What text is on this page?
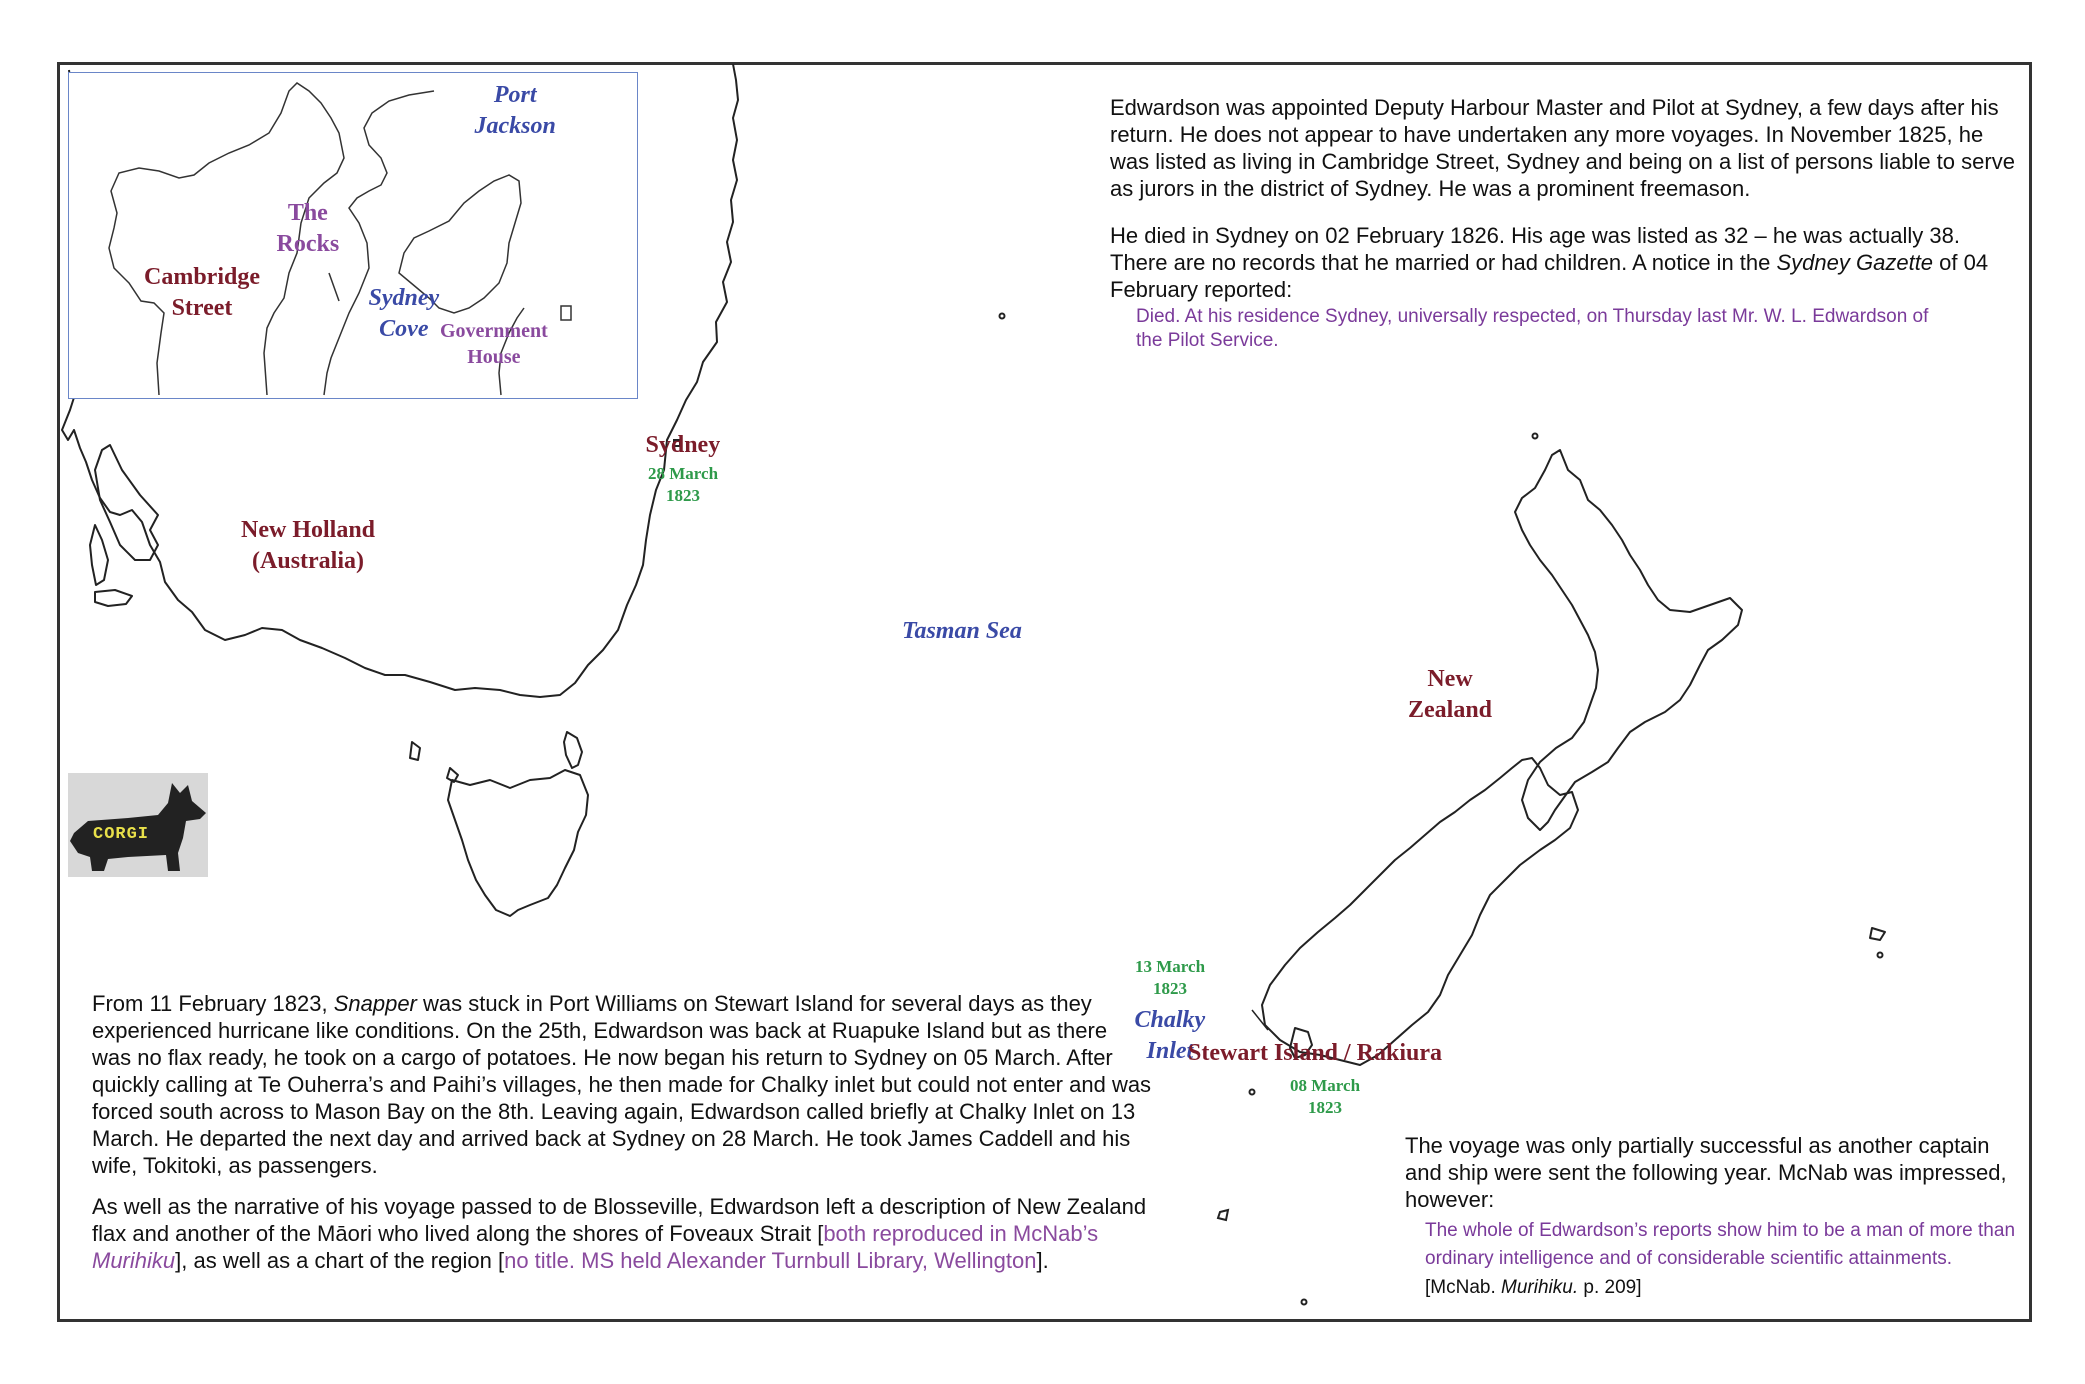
Port
Jackson
The
Rocks
Cambridge
Street	Sydney
Cove Government
House
Sydney
28 March
1823
New Holland
(Australia)
Tasman Sea
New
Zealand
13 March
1823
Chalky
Inlet
Stewart Island / Rakiura
08 March
1823
CORGI

Edwardson was appointed Deputy Harbour Master and Pilot at Sydney, a few days after his return. He does not appear to have undertaken any more voyages. In November 1825, he was listed as living in Cambridge Street, Sydney and being on a list of persons liable to serve as jurors in the district of Sydney. He was a prominent freemason.

He died in Sydney on 02 February 1826. His age was listed as 32 – he was actually 38. There are no records that he married or had children. A notice in the Sydney Gazette of 04 February reported:

Died. At his residence Sydney, universally respected, on Thursday last Mr. W. L. Edwardson of the Pilot Service.

From 11 February 1823, Snapper was stuck in Port Williams on Stewart Island for several days as they experienced hurricane like conditions. On the 25th, Edwardson was back at Ruapuke Island but as there was no flax ready, he took on a cargo of potatoes. He now began his return to Sydney on 05 March. After quickly calling at Te Ouherra’s and Paihi’s villages, he then made for Chalky inlet but could not enter and was forced south across to Mason Bay on the 8th. Leaving again, Edwardson called briefly at Chalky Inlet on 13 March. He departed the next day and arrived back at Sydney on 28 March. He took James Caddell and his wife, Tokitoki, as passengers.

As well as the narrative of his voyage passed to de Blosseville, Edwardson left a description of New Zealand flax and another of the Māori who lived along the shores of Foveaux Strait [both reproduced in McNab’s Murihiku], as well as a chart of the region [no title. MS held Alexander Turnbull Library, Wellington].

The voyage was only partially successful as another captain and ship were sent the following year. McNab was impressed, however:

The whole of Edwardson’s reports show him to be a man of more than ordinary intelligence and of considerable scientific attainments. [McNab. Murihiku. p. 209]
